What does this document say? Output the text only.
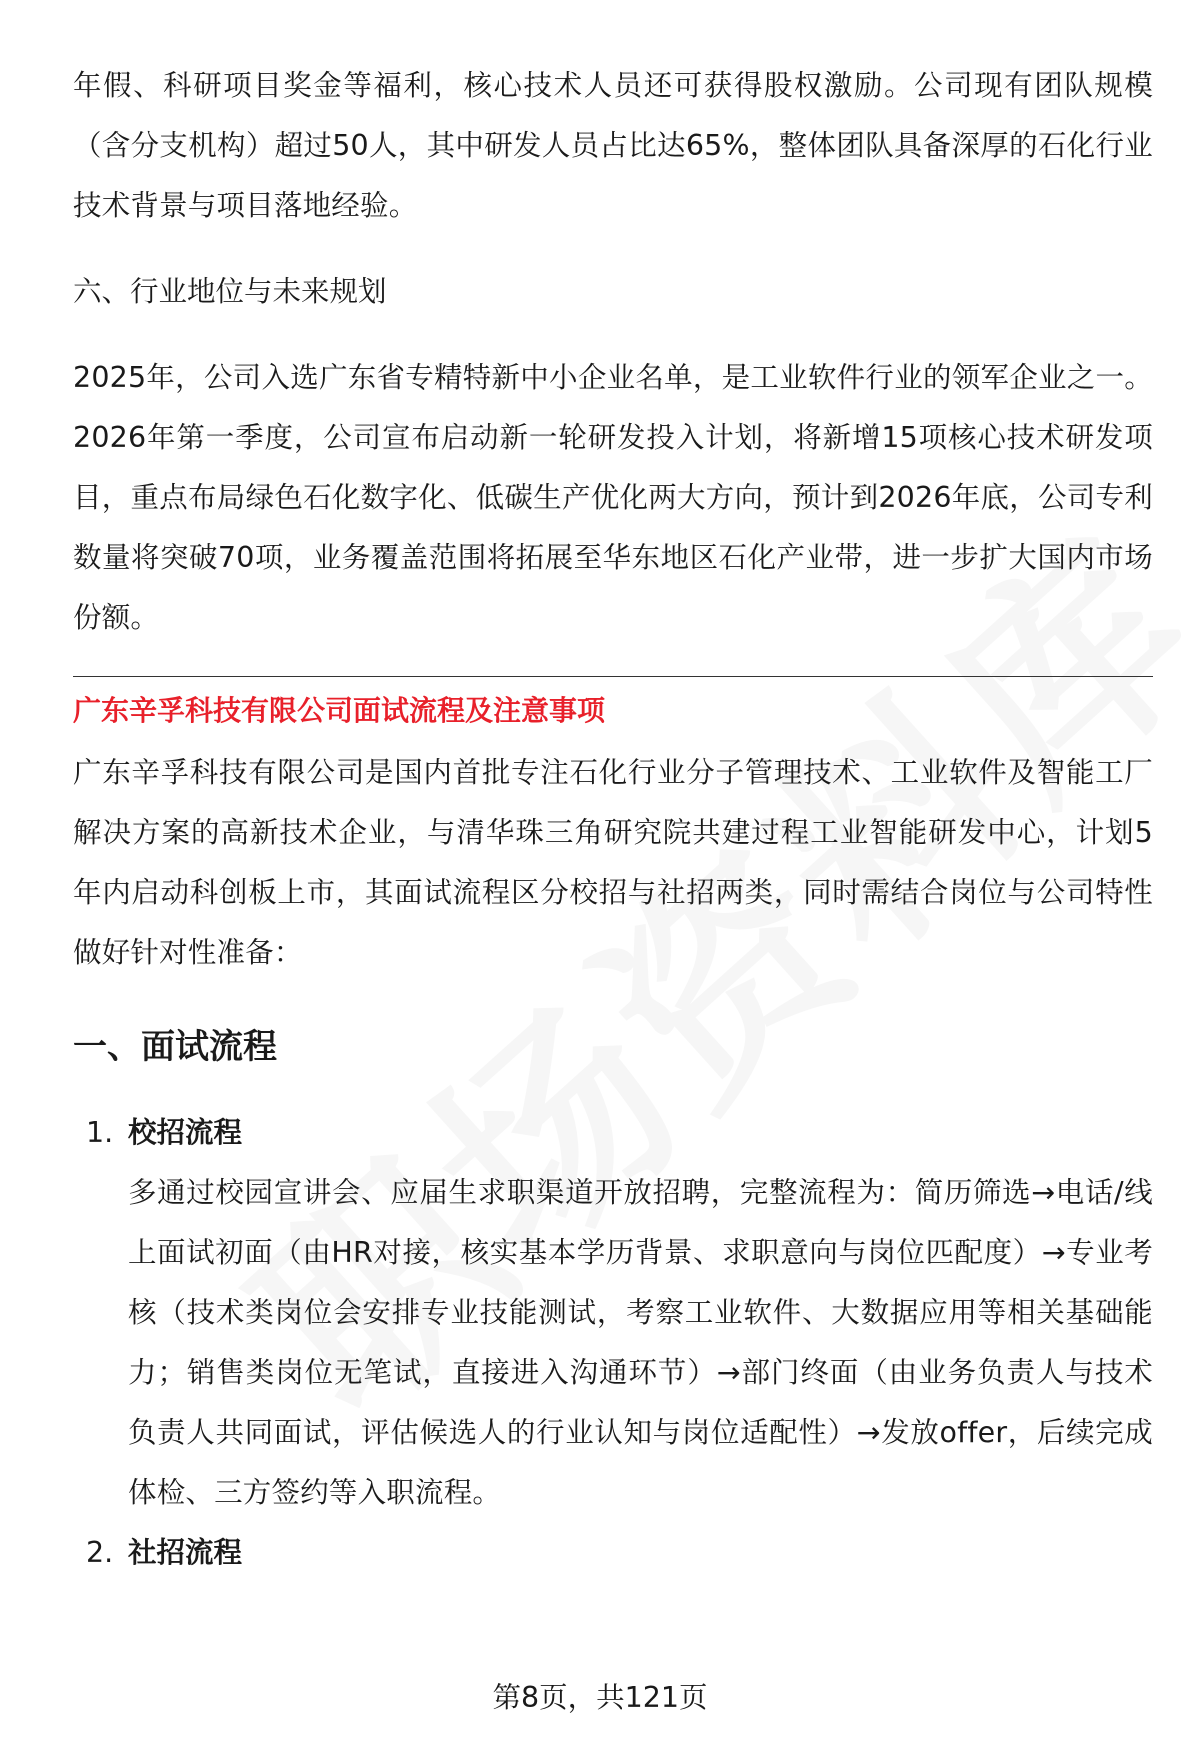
年假、科研项目奖金等福利，核心技术人员还可获得股权激励。公司现有团队规模（含分支机构）超过50人，其中研发人员占比达65%，整体团队具备深厚的石化行业技术背景与项目落地经验。

六、行业地位与未来规划

2025年，公司入选广东省专精特新中小企业名单，是工业软件行业的领军企业之一。2026年第一季度，公司宣布启动新一轮研发投入计划，将新增15项核心技术研发项目，重点布局绿色石化数字化、低碳生产优化两大方向，预计到2026年底，公司专利数量将突破70项，业务覆盖范围将拓展至华东地区石化产业带，进一步扩大国内市场份额。

广东辛孚科技有限公司面试流程及注意事项

广东辛孚科技有限公司是国内首批专注石化行业分子管理技术、工业软件及智能工厂解决方案的高新技术企业，与清华珠三角研究院共建过程工业智能研发中心，计划5年内启动科创板上市，其面试流程区分校招与社招两类，同时需结合岗位与公司特性做好针对性准备：

一、面试流程

1. 校招流程

多通过校园宣讲会、应届生求职渠道开放招聘，完整流程为：简历筛选→电话/线上面试初面（由HR对接，核实基本学历背景、求职意向与岗位匹配度）→专业考核（技术类岗位会安排专业技能测试，考察工业软件、大数据应用等相关基础能力；销售类岗位无笔试，直接进入沟通环节）→部门终面（由业务负责人与技术负责人共同面试，评估候选人的行业认知与岗位适配性）→发放offer，后续完成体检、三方签约等入职流程。

2. 社招流程

第8页，共121页
